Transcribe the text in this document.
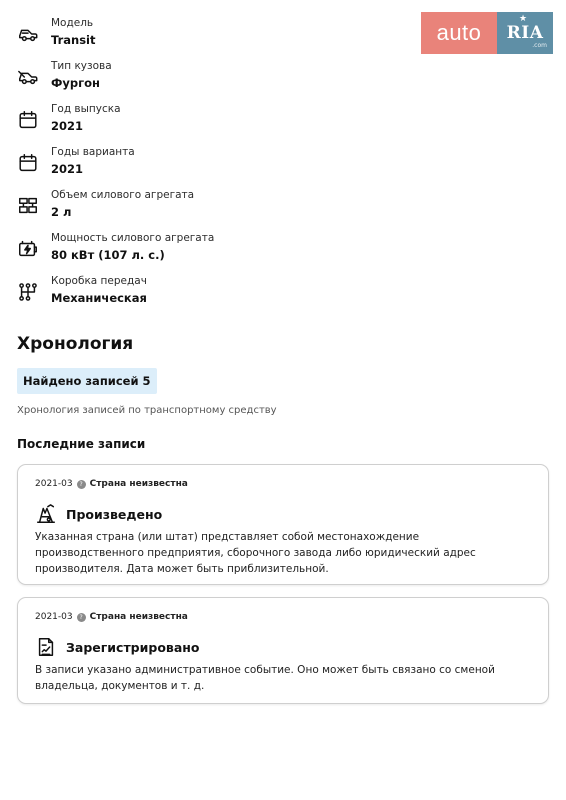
auto
★
RIA
.com
Модель
Transit
Тип кузова
Фургон
Год выпуска
2021
Годы варианта
2021
Объем силового агрегата
2 л
Мощность силового агрегата
80 кВт (107 л. с.)
Коробка передач
Механическая
Хронология
Найдено записей 5
Хронология записей по транспортному средству
Последние записи
2021-03	? Страна неизвестна
Произведено
Указанная страна (или штат) представляет собой местонахождение производственного предприятия, сборочного завода либо юридический адрес производителя. Дата может быть приблизительной.
2021-03	? Страна неизвестна
Зарегистрировано
В записи указано административное событие. Оно может быть связано со сменой владельца, документов и т. д.
